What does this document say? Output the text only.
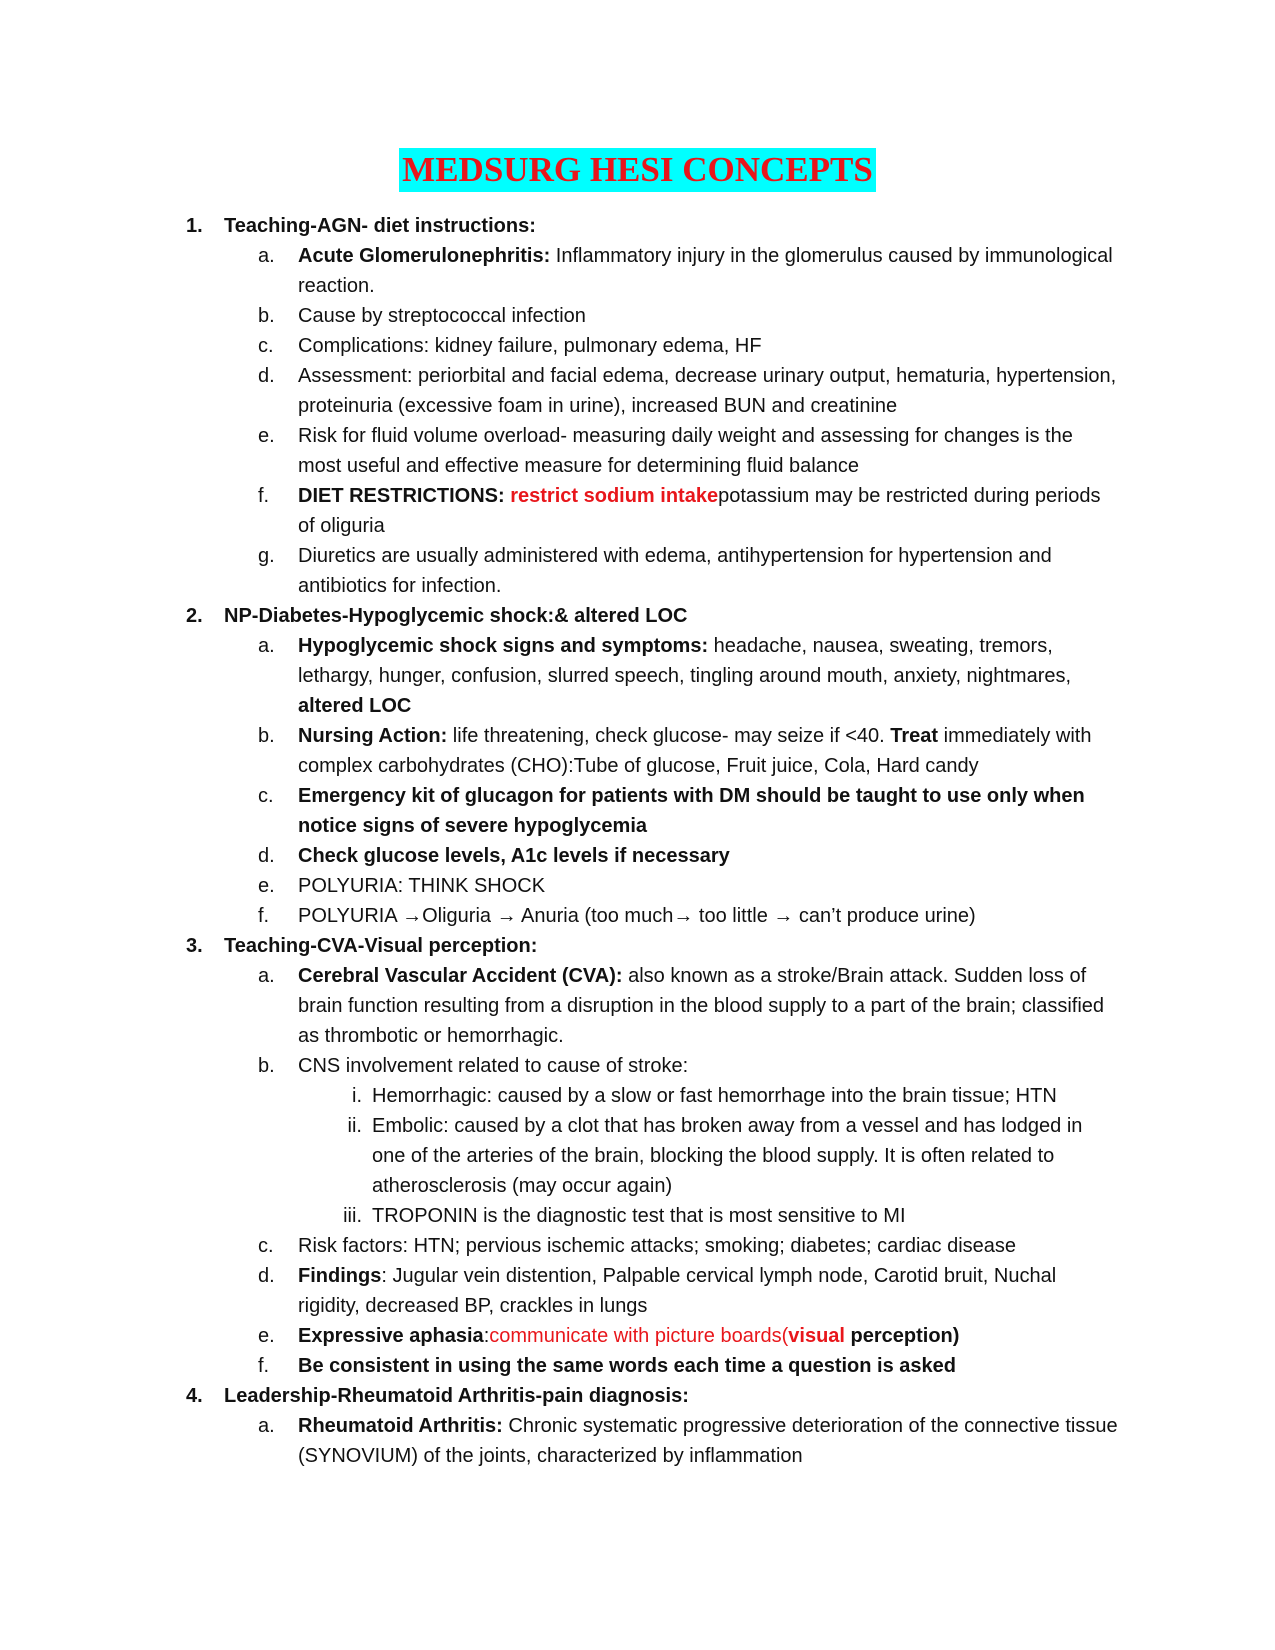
MEDSURG HESI CONCEPTS
1.	Teaching-AGN- diet instructions:
a.	Acute Glomerulonephritis: Inflammatory injury in the glomerulus caused by immunological reaction.
b.	Cause by streptococcal infection
c.	Complications: kidney failure, pulmonary edema, HF
d.	Assessment: periorbital and facial edema, decrease urinary output, hematuria, hypertension, proteinuria (excessive foam in urine), increased BUN and creatinine
e.	Risk for fluid volume overload- measuring daily weight and assessing for changes is the most useful and effective measure for determining fluid balance
f.	DIET RESTRICTIONS: restrict sodium intakepotassium may be restricted during periods of oliguria
g.	Diuretics are usually administered with edema, antihypertension for hypertension and antibiotics for infection.
2.	NP-Diabetes-Hypoglycemic shock:& altered LOC
a.	Hypoglycemic shock signs and symptoms: headache, nausea, sweating, tremors, lethargy, hunger, confusion, slurred speech, tingling around mouth, anxiety, nightmares, altered LOC
b.	Nursing Action: life threatening, check glucose- may seize if <40. Treat immediately with complex carbohydrates (CHO):Tube of glucose, Fruit juice, Cola, Hard candy
c.	Emergency kit of glucagon for patients with DM should be taught to use only when notice signs of severe hypoglycemia
d.	Check glucose levels, A1c levels if necessary
e.	POLYURIA: THINK SHOCK
f.	POLYURIA →Oliguria → Anuria (too much→ too little → can’t produce urine)
3.	Teaching-CVA-Visual perception:
a.	Cerebral Vascular Accident (CVA): also known as a stroke/Brain attack. Sudden loss of brain function resulting from a disruption in the blood supply to a part of the brain; classified as thrombotic or hemorrhagic.
b.	CNS involvement related to cause of stroke:
i. Hemorrhagic: caused by a slow or fast hemorrhage into the brain tissue; HTN
ii. Embolic: caused by a clot that has broken away from a vessel and has lodged in one of the arteries of the brain, blocking the blood supply. It is often related to atherosclerosis (may occur again)
iii. TROPONIN is the diagnostic test that is most sensitive to MI
c.	Risk factors: HTN; pervious ischemic attacks; smoking; diabetes; cardiac disease
d.	Findings: Jugular vein distention, Palpable cervical lymph node, Carotid bruit, Nuchal rigidity, decreased BP, crackles in lungs
e.	Expressive aphasia:communicate with picture boards(visual perception)
f.	Be consistent in using the same words each time a question is asked
4.	Leadership-Rheumatoid Arthritis-pain diagnosis:
a.	Rheumatoid Arthritis: Chronic systematic progressive deterioration of the connective tissue (SYNOVIUM) of the joints, characterized by inflammation
